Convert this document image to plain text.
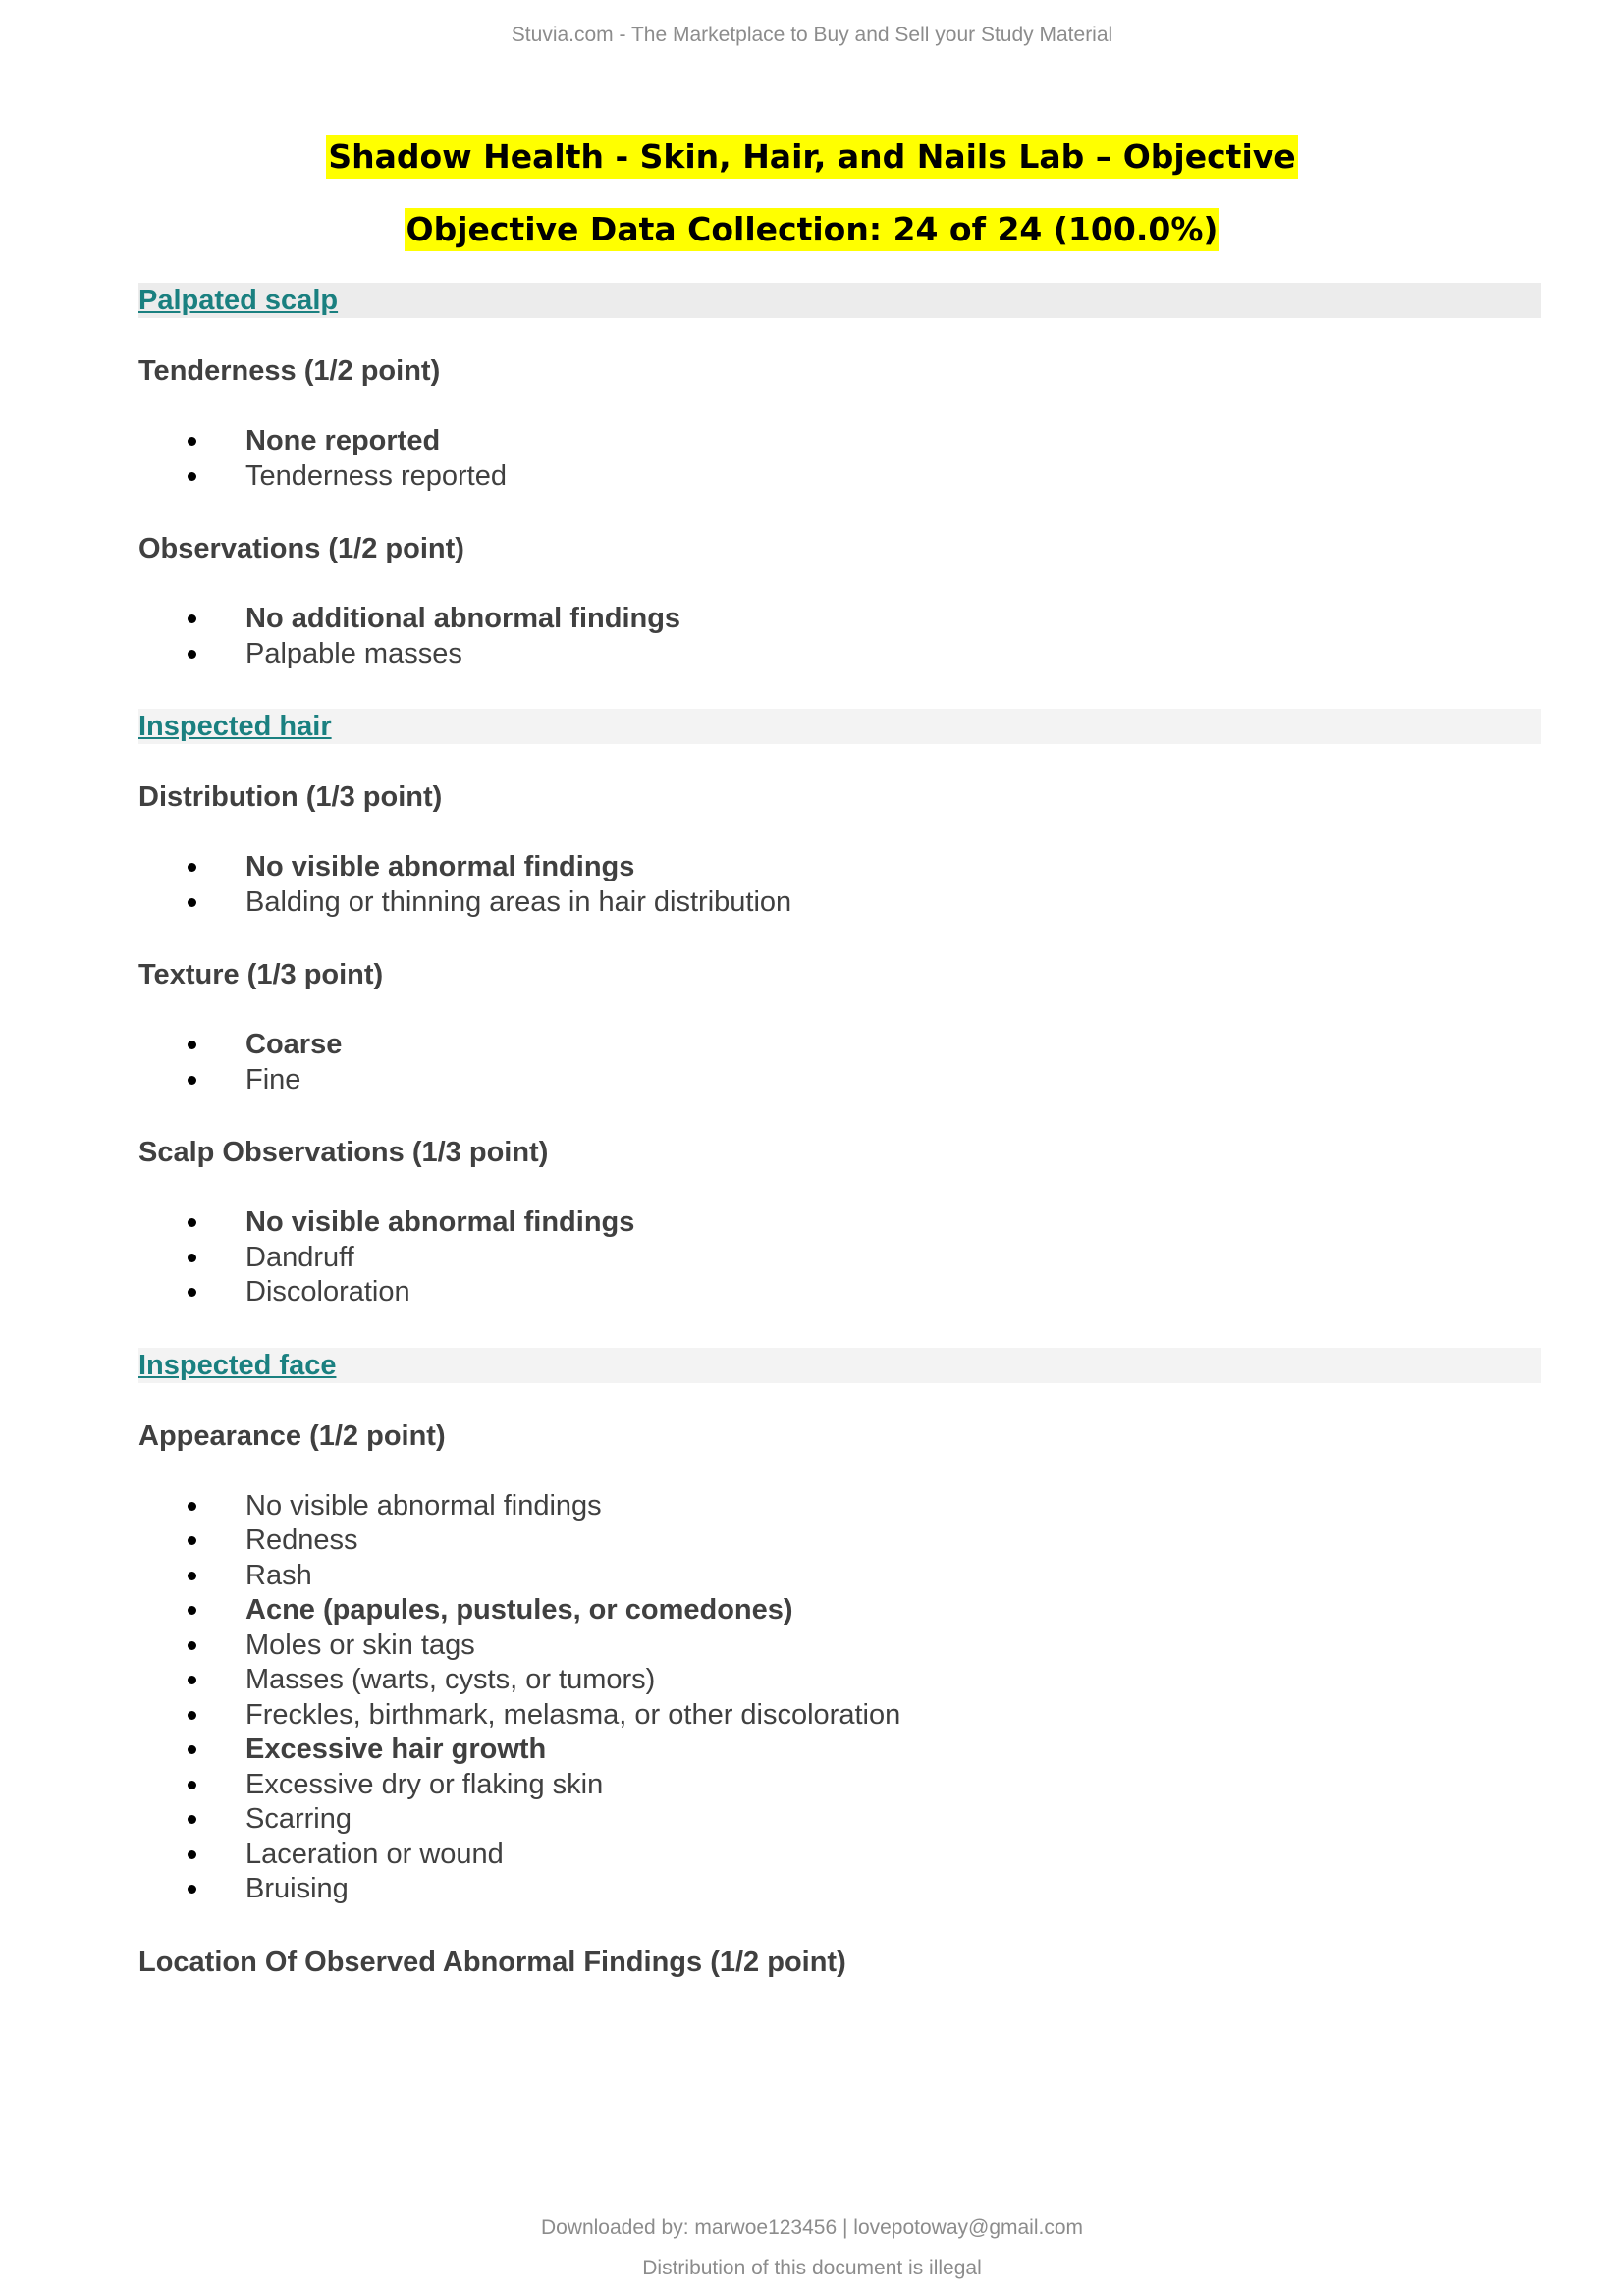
Stuvia.com - The Marketplace to Buy and Sell your Study Material
Shadow Health - Skin, Hair, and Nails Lab – Objective
Objective Data Collection: 24 of 24 (100.0%)
Palpated scalp
Tenderness (1/2 point)
None reported
Tenderness reported
Observations (1/2 point)
No additional abnormal findings
Palpable masses
Inspected hair
Distribution (1/3 point)
No visible abnormal findings
Balding or thinning areas in hair distribution
Texture (1/3 point)
Coarse
Fine
Scalp Observations (1/3 point)
No visible abnormal findings
Dandruff
Discoloration
Inspected face
Appearance (1/2 point)
No visible abnormal findings
Redness
Rash
Acne (papules, pustules, or comedones)
Moles or skin tags
Masses (warts, cysts, or tumors)
Freckles, birthmark, melasma, or other discoloration
Excessive hair growth
Excessive dry or flaking skin
Scarring
Laceration or wound
Bruising
Location Of Observed Abnormal Findings (1/2 point)
Downloaded by: marwoe123456 | lovepotoway@gmail.com
Distribution of this document is illegal
